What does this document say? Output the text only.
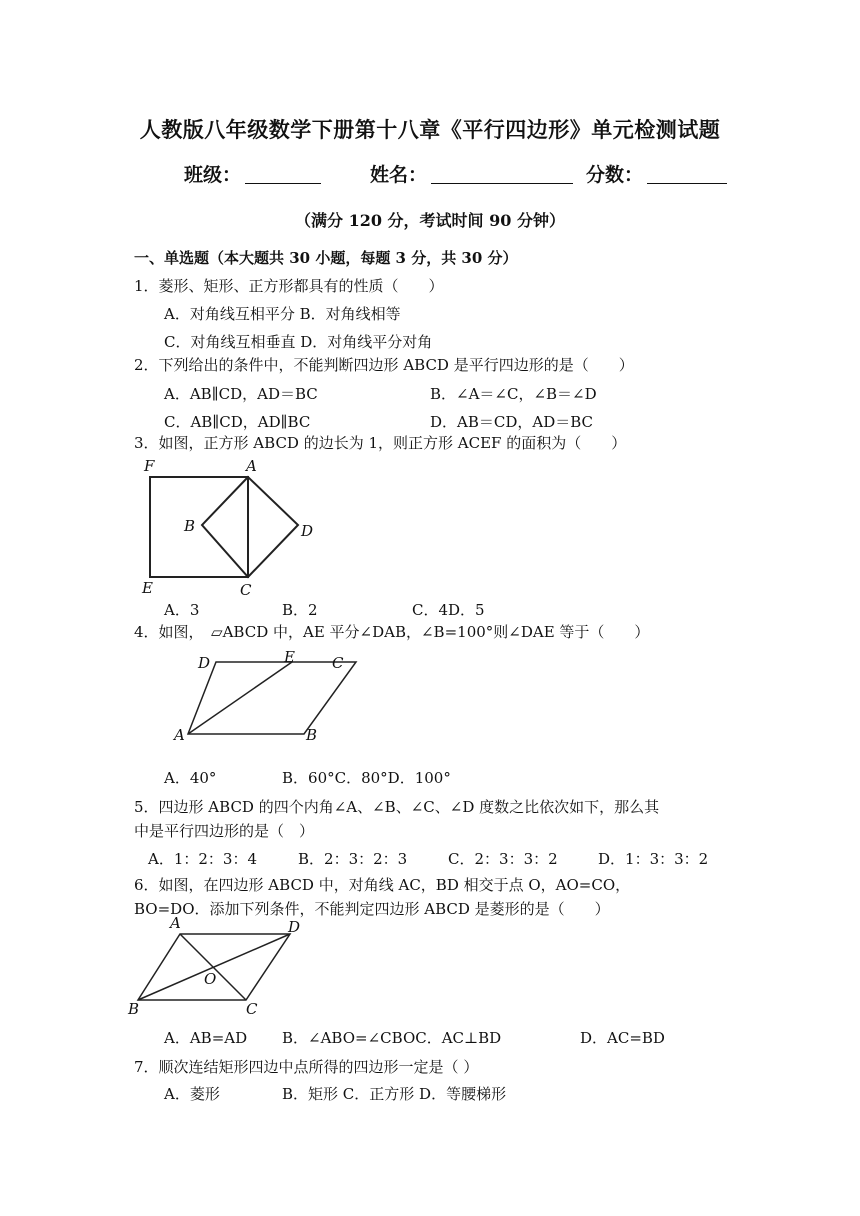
人教版八年级数学下册第十八章《平行四边形》单元检测试题
班级：	姓名：	分数：
（满分 120 分，考试时间 90 分钟）
一、单选题（本大题共 30 小题，每题 3 分，共 30 分）
1．菱形、矩形、正方形都具有的性质（　　）
A．对角线互相平分 B．对角线相等
C．对角线互相垂直 D．对角线平分对角
2．下列给出的条件中，不能判断四边形 ABCD 是平行四边形的是（　　）
A．AB∥CD，AD＝BC	B．∠A＝∠C，∠B＝∠D
C．AB∥CD，AD∥BC	D．AB＝CD，AD＝BC
3．如图，正方形 ABCD 的边长为 1，则正方形 ACEF 的面积为（　　）
F	A
B	D
E	C
A．3	B．2	C．4D．5
4．如图，　▱ABCD 中，AE 平分∠DAB，∠B=100°则∠DAE 等于（　　）
D	E C
A	B
A．40°	B．60°C．80°D．100°
5．四边形 ABCD 的四个内角∠A、∠B、∠C、∠D 度数之比依次如下，那么其
中是平行四边形的是（　）
A．1：2：3：4	B．2：3：2：3	C．2：3：3：2	D．1：3：3：2
6．如图，在四边形 ABCD 中，对角线 AC，BD 相交于点 O，AO=CO，
BO=DO．添加下列条件，不能判定四边形 ABCD 是菱形的是（　　）
A	D
O
B	C
A．AB=AD B．∠ABO=∠CBOC．AC⊥BD	D．AC=BD
7．顺次连结矩形四边中点所得的四边形一定是（ ）
A．菱形	B．矩形 C．正方形 D．等腰梯形
